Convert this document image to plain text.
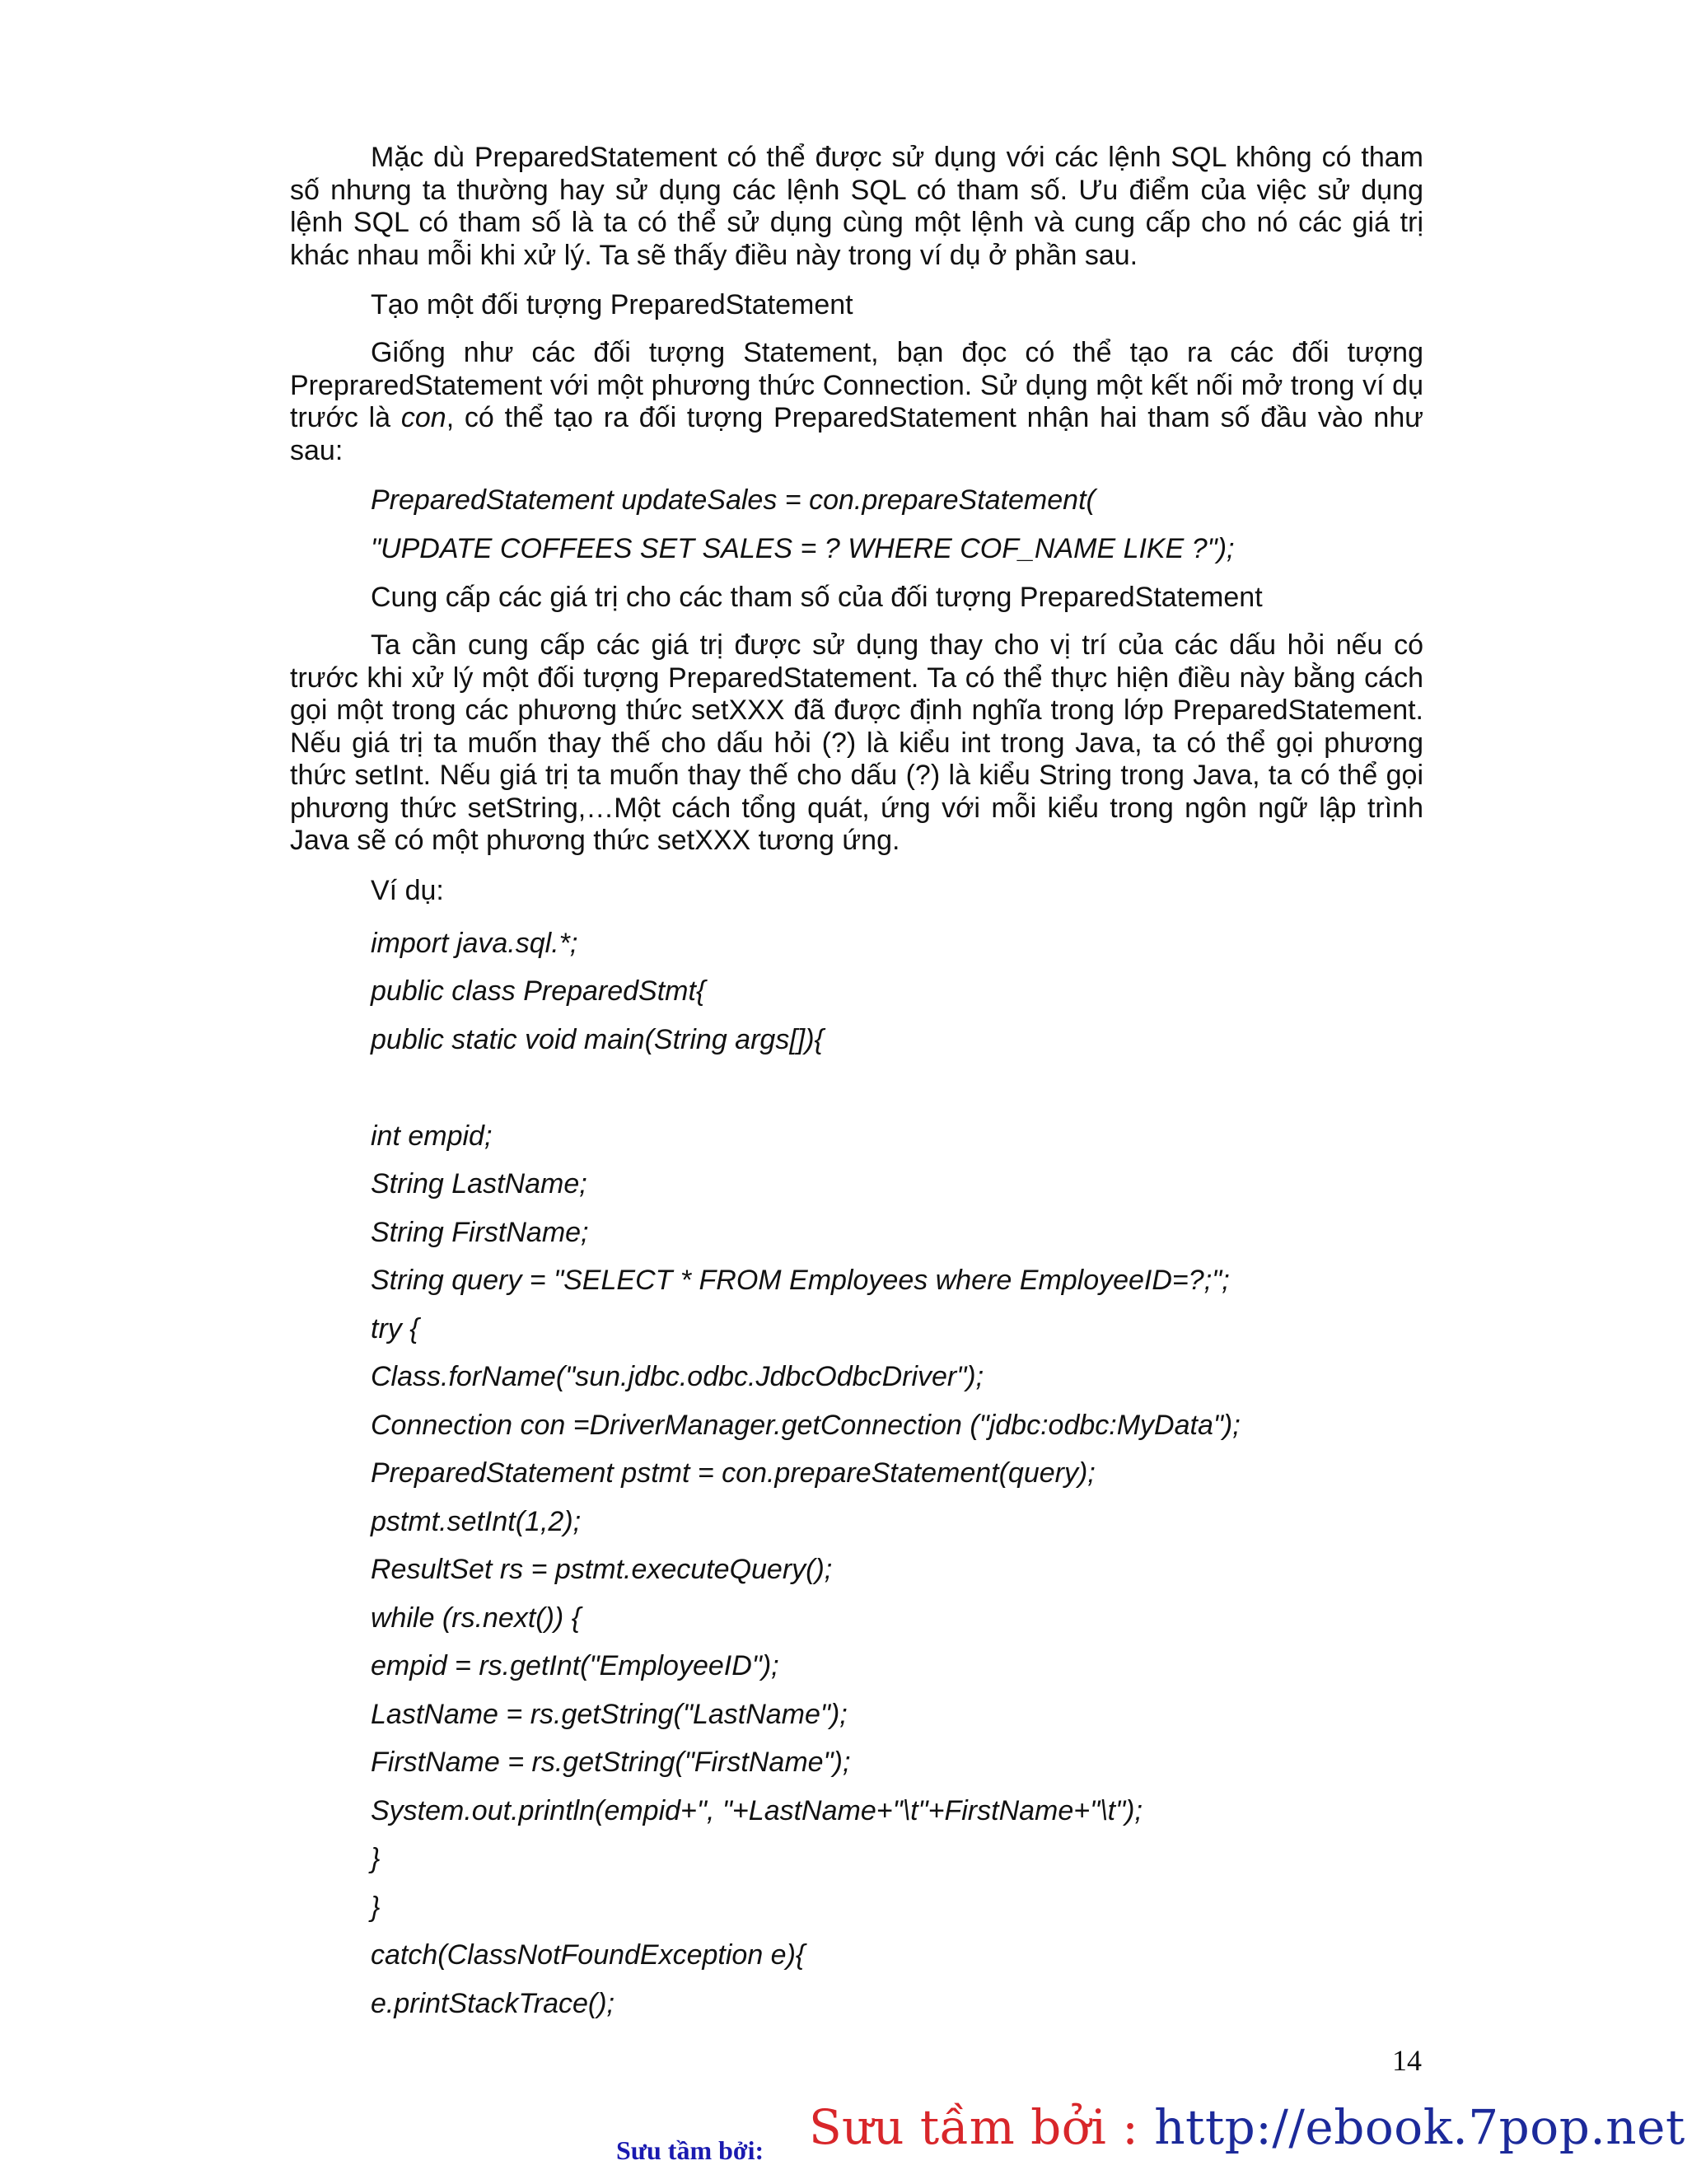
Mặc dù PreparedStatement có thể được sử dụng với các lệnh SQL không có tham số nhưng ta thường hay sử dụng các lệnh SQL có tham số. Ưu điểm của việc sử dụng lệnh SQL có tham số là ta có thể sử dụng cùng một lệnh và cung cấp cho nó các giá trị khác nhau mỗi khi xử lý. Ta sẽ thấy điều này trong ví dụ ở phần sau.

Tạo một đối tượng PreparedStatement

Giống như các đối tượng Statement, bạn đọc có thể tạo ra các đối tượng PreprаredStatement với một phương thức Connection. Sử dụng một kết nối mở trong ví dụ trước là con, có thể tạo ra đối tượng PreparedStatement nhận hai tham số đầu vào như sau:

PreparedStatement updateSales = con.prepareStatement(
"UPDATE COFFEES SET SALES = ? WHERE COF_NAME LIKE ?");
Cung cấp các giá trị cho các tham số của đối tượng PreparedStatement

Ta cần cung cấp các giá trị được sử dụng thay cho vị trí của các dấu hỏi nếu có trước khi xử lý một đối tượng PreparedStatement. Ta có thể thực hiện điều này bằng cách gọi một trong các phương thức setXXX đã được định nghĩa trong lớp PreparedStatement. Nếu giá trị ta muốn thay thế cho dấu hỏi (?) là kiểu int trong Java, ta có thể gọi phương thức setInt. Nếu giá trị ta muốn thay thế cho dấu (?) là kiểu String trong Java, ta có thể gọi phương thức setString,…Một cách tổng quát, ứng với mỗi kiểu trong ngôn ngữ lập trình Java sẽ có một phương thức setXXX tương ứng.

Ví dụ:
import java.sql.*;
public class PreparedStmt{
public static void main(String args[]){
int empid;
String LastName;
String FirstName;
String query = "SELECT * FROM Employees where EmployeeID=?;";
try {
Class.forName("sun.jdbc.odbc.JdbcOdbcDriver");
Connection con =DriverManager.getConnection ("jdbc:odbc:MyData");
PreparedStatement pstmt = con.prepareStatement(query);
pstmt.setInt(1,2);
ResultSet rs = pstmt.executeQuery();
while (rs.next()) {
empid = rs.getInt("EmployeeID");
LastName = rs.getString("LastName");
FirstName = rs.getString("FirstName");
System.out.println(empid+", "+LastName+"\t"+FirstName+"\t");
}
}
catch(ClassNotFoundException e){
e.printStackTrace();
14
Sưu tầm bởi: Sưu tầm bởi : http://ebook.7pop.net
